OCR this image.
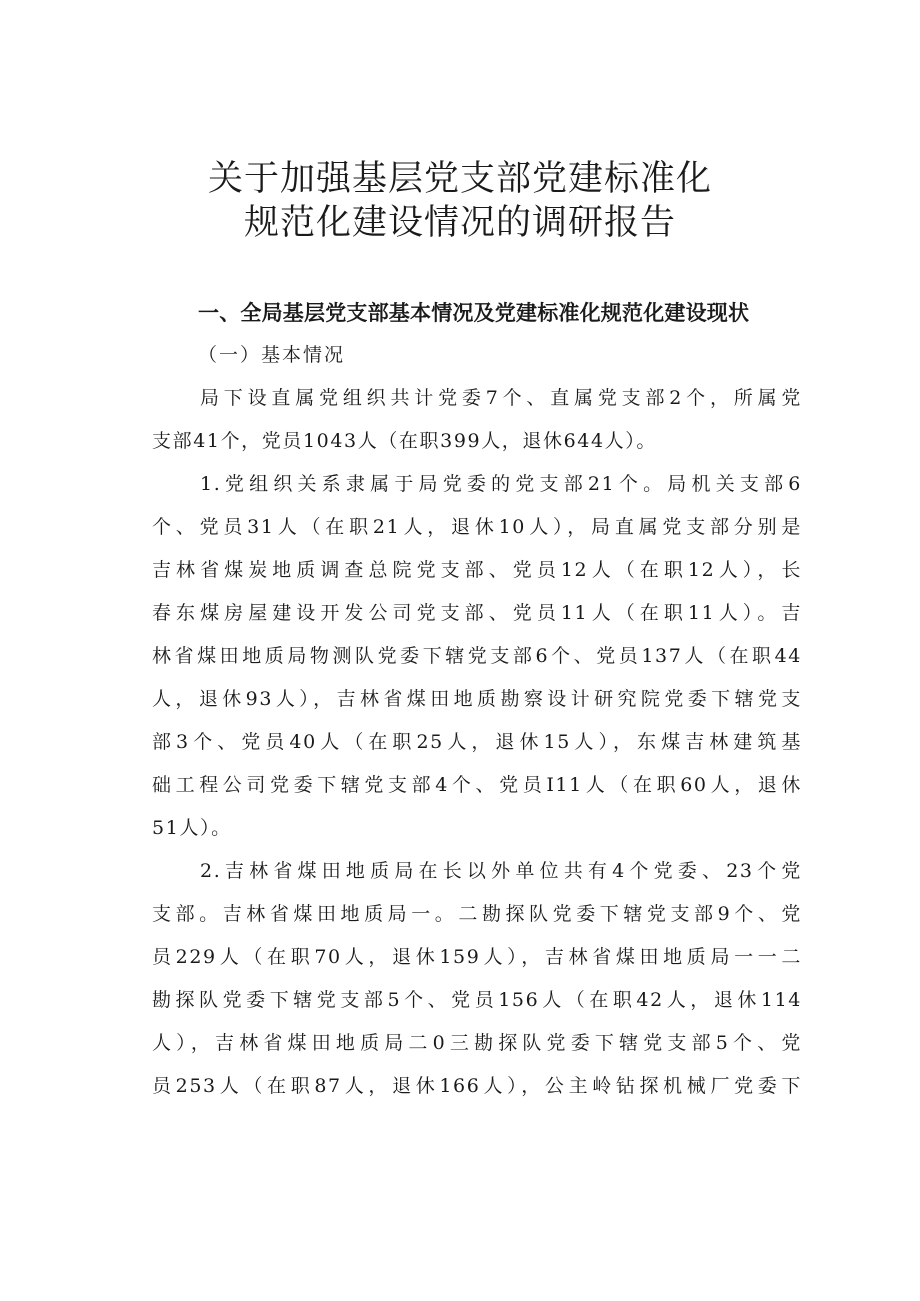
关于加强基层党支部党建标准化
规范化建设情况的调研报告
一、全局基层党支部基本情况及党建标准化规范化建设现状
（一）基本情况
局下设直属党组织共计党委7个、直属党支部2个，所属党
支部41个，党员1043人（在职399人，退休644人）。
1.党组织关系隶属于局党委的党支部21个。局机关支部6
个、党员31人（在职21人，退休10人），局直属党支部分别是
吉林省煤炭地质调查总院党支部、党员12人（在职12人），长
春东煤房屋建设开发公司党支部、党员11人（在职11人）。吉
林省煤田地质局物测队党委下辖党支部6个、党员137人（在职44
人，退休93人），吉林省煤田地质勘察设计研究院党委下辖党支
部3个、党员40人（在职25人，退休15人），东煤吉林建筑基
础工程公司党委下辖党支部4个、党员I11人（在职60人，退休
51人）。
2.吉林省煤田地质局在长以外单位共有4个党委、23个党
支部。吉林省煤田地质局一。二勘探队党委下辖党支部9个、党
员229人（在职70人，退休159人），吉林省煤田地质局一一二
勘探队党委下辖党支部5个、党员156人（在职42人，退休114
人），吉林省煤田地质局二0三勘探队党委下辖党支部5个、党
员253人（在职87人，退休166人），公主岭钻探机械厂党委下
